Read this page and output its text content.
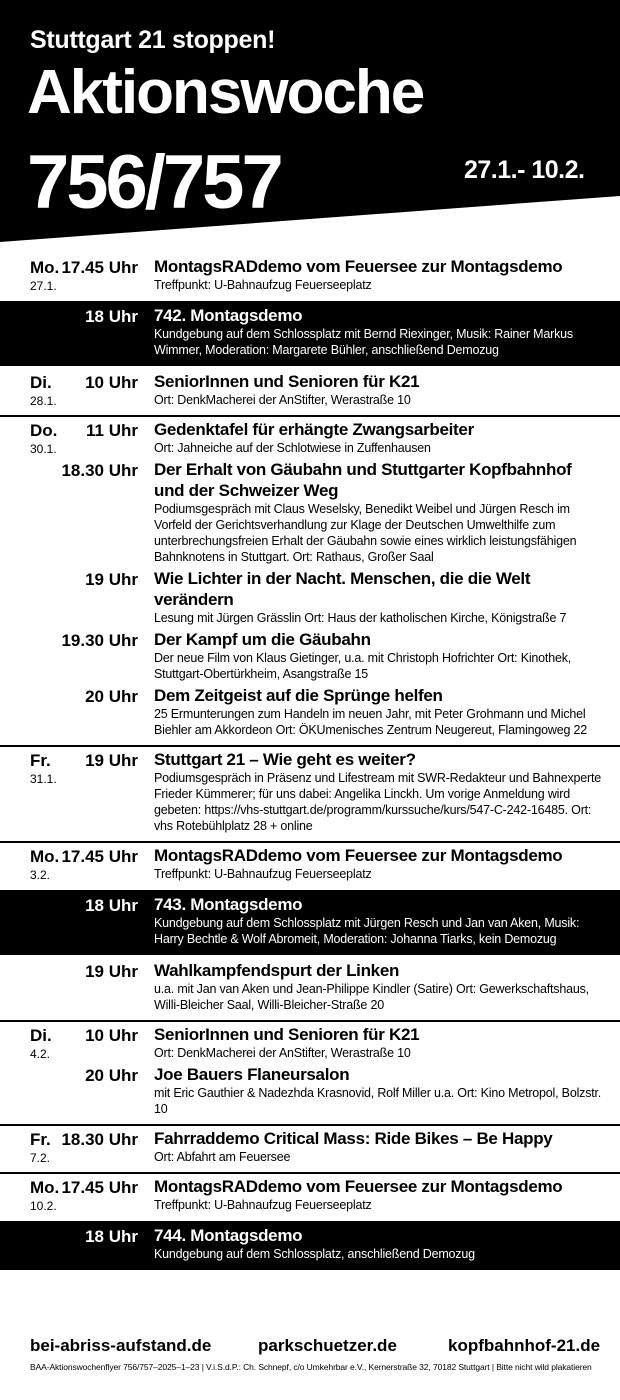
Stuttgart 21 stoppen!
Aktionswoche
756/757	27.1.- 10.2.
Mo.
27.1.
17.45 Uhr MontagsRADdemo vom Feuersee zur Montagsdemo
Treffpunkt: U-Bahnaufzug Feuerseeplatz
18 Uhr 742. Montagsdemo
Kundgebung auf dem Schlossplatz mit Bernd Riexinger, Musik: Rainer Markus Wimmer, Moderation: Margarete Bühler, anschließend Demozug
Di.
28.1.
10 Uhr SeniorInnen und Senioren für K21
Ort: DenkMacherei der AnStifter, Werastraße 10
Do.
30.1.
11 Uhr Gedenktafel für erhängte Zwangsarbeiter
Ort: Jahneiche auf der Schlotwiese in Zuffenhausen
18.30 Uhr Der Erhalt von Gäubahn und Stuttgarter Kopfbahnhof und der Schweizer Weg
Podiumsgespräch mit Claus Weselsky, Benedikt Weibel und Jürgen Resch im Vorfeld der Gerichtsverhandlung zur Klage der Deutschen Umwelthilfe zum unterbrechungsfreien Erhalt der Gäubahn sowie eines wirklich leistungsfähigen Bahnknotens in Stuttgart. Ort: Rathaus, Großer Saal
19 Uhr Wie Lichter in der Nacht. Menschen, die die Welt verändern
Lesung mit Jürgen Grässlin Ort: Haus der katholischen Kirche, Königstraße 7
19.30 Uhr Der Kampf um die Gäubahn
Der neue Film von Klaus Gietinger, u.a. mit Christoph Hofrichter Ort: Kinothek, Stuttgart-Obertürkheim, Asangstraße 15
20 Uhr Dem Zeitgeist auf die Sprünge helfen
25 Ermunterungen zum Handeln im neuen Jahr, mit Peter Grohmann und Michel Biehler am Akkordeon Ort: ÖKUmenisches Zentrum Neugereut, Flamingoweg 22
Fr.
31.1.
19 Uhr Stuttgart 21 – Wie geht es weiter?
Podiumsgespräch in Präsenz und Lifestream mit SWR-Redakteur und Bahnexperte Frieder Kümmerer; für uns dabei: Angelika Linckh. Um vorige Anmeldung wird gebeten: https://vhs-stuttgart.de/programm/kurssuche/kurs/547-C-242-16485. Ort: vhs Rotebühlplatz 28 + online
Mo.
3.2.
17.45 Uhr MontagsRADdemo vom Feuersee zur Montagsdemo
Treffpunkt: U-Bahnaufzug Feuerseeplatz
18 Uhr 743. Montagsdemo
Kundgebung auf dem Schlossplatz mit Jürgen Resch und Jan van Aken, Musik: Harry Bechtle & Wolf Abromeit, Moderation: Johanna Tiarks, kein Demozug
19 Uhr Wahlkampfendspurt der Linken
u.a. mit Jan van Aken und Jean-Philippe Kindler (Satire) Ort: Gewerkschaftshaus, Willi-Bleicher Saal, Willi-Bleicher-Straße 20
Di.
4.2.
10 Uhr SeniorInnen und Senioren für K21
Ort: DenkMacherei der AnStifter, Werastraße 10
20 Uhr Joe Bauers Flaneursalon
mit Eric Gauthier & Nadezhda Krasnovid, Rolf Miller u.a. Ort: Kino Metropol, Bolzstr. 10
Fr.
7.2.
18.30 Uhr Fahrraddemo Critical Mass: Ride Bikes – Be Happy
Ort: Abfahrt am Feuersee
Mo.
10.2.
17.45 Uhr MontagsRADdemo vom Feuersee zur Montagsdemo
Treffpunkt: U-Bahnaufzug Feuerseeplatz
18 Uhr 744. Montagsdemo
Kundgebung auf dem Schlossplatz, anschließend Demozug
bei-abriss-aufstand.de	parkschuetzer.de	kopfbahnhof-21.de
BAA-Aktionswochenflyer 756/757–2025–1–23 | V.i.S.d.P.: Ch. Schnepf, c/o Umkehrbar e.V., Kernerstraße 32, 70182 Stuttgart | Bitte nicht wild plakatieren
